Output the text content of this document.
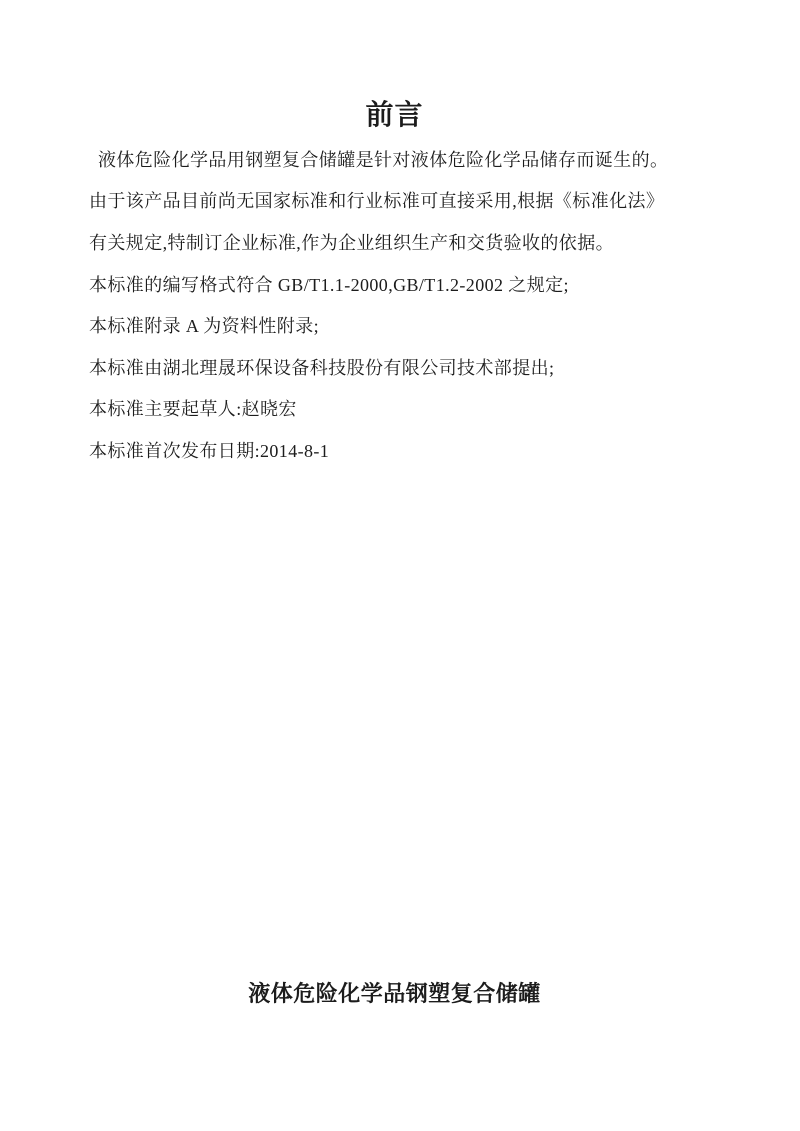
前言
液体危险化学品用钢塑复合储罐是针对液体危险化学品储存而诞生的。
由于该产品目前尚无国家标准和行业标准可直接采用,根据《标准化法》
有关规定,特制订企业标准,作为企业组织生产和交货验收的依据。
本标准的编写格式符合 GB/T1.1-2000,GB/T1.2-2002 之规定;
本标准附录 A 为资料性附录;
本标准由湖北理晟环保设备科技股份有限公司技术部提出;
本标准主要起草人:赵晓宏
本标准首次发布日期:2014-8-1
液体危险化学品钢塑复合储罐
